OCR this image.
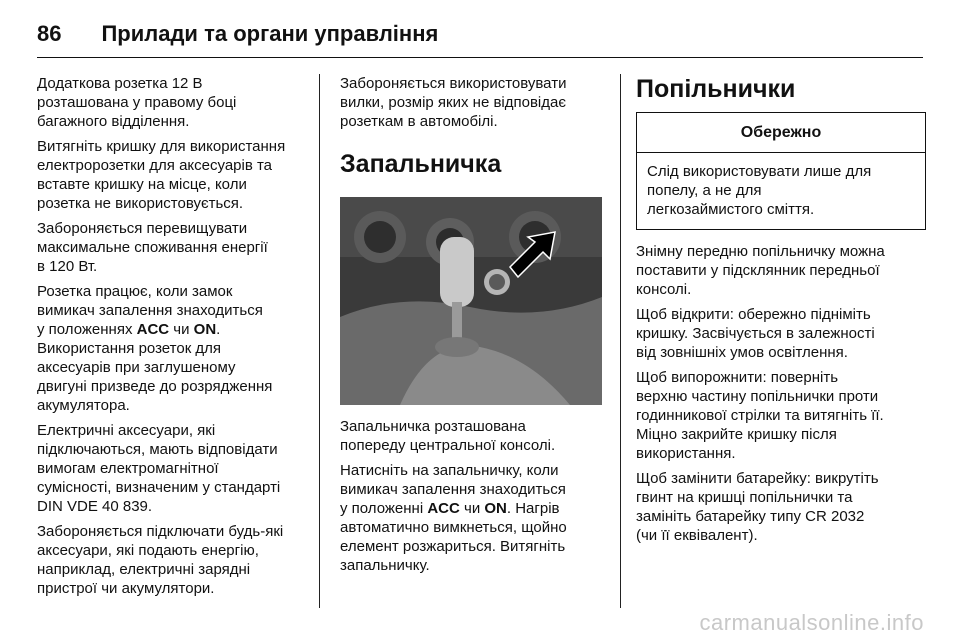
86 Прилади та органи управління

Додаткова розетка 12 В
розташована у правому боці
багажного відділення.

Витягніть кришку для використання
електророзетки для аксесуарів та
вставте кришку на місце, коли
розетка не використовується.

Забороняється перевищувати
максимальне споживання енергії
в 120 Вт.

Розетка працює, коли замок
вимикач запалення знаходиться
у положеннях ACC чи ON.
Використання розеток для
аксесуарів при заглушеному
двигуні призведе до розрядження
акумулятора.

Електричні аксесуари, які
підключаються, мають відповідати
вимогам електромагнітної
сумісності, визначеним у стандарті
DIN VDE 40 839.

Забороняється підключати будь-які
аксесуари, які подають енергію,
наприклад, електричні зарядні
пристрої чи акумулятори.

Забороняється використовувати
вилки, розмір яких не відповідає
розеткам в автомобілі.

Запальничка

Запальничка розташована
попереду центральної консолі.

Натисніть на запальничку, коли
вимикач запалення знаходиться
у положенні ACC чи ON. Нагрів
автоматично вимкнеться, щойно
елемент розжариться. Витягніть
запальничку.

Попільнички
Обережно
Слід використовувати лише для
попелу, а не для
легкозаймистого сміття.

Знімну передню попільничку можна
поставити у підсклянник передньої
консолі.

Щоб відкрити: обережно підніміть
кришку. Засвічується в залежності
від зовнішніх умов освітлення.

Щоб випорожнити: поверніть
верхню частину попільнички проти
годинникової стрілки та витягніть її.
Міцно закрийте кришку після
використання.

Щоб замінити батарейку: викрутіть
гвинт на кришці попільнички та
замініть батарейку типу CR 2032
(чи її еквівалент).

carmanualsonline.info
